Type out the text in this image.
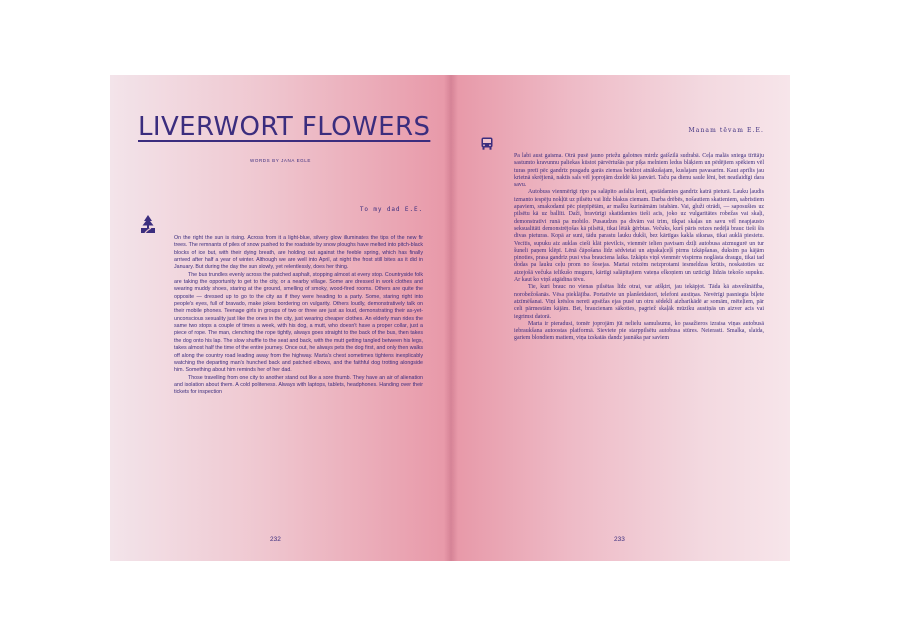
LIVERWORT FLOWERS
WORDS BY JANA EGLE
To my dad E.E.

On the right the sun is rising. Across from it a light-blue, silvery glow illuminates the tips of the new fir trees. The remnants of piles of snow pushed to the roadside by snow ploughs have melted into pitch-black blocks of ice but, with their dying breath, are holding out against the feeble spring, which has finally arrived after half a year of winter. Although we are well into April, at night the frost still bites as it did in January. But during the day the sun slowly, yet relentlessly, does her thing.

The bus trundles evenly across the patched asphalt, stopping almost at every stop. Countryside folk are taking the opportunity to get to the city, or a nearby village. Some are dressed in work clothes and wearing muddy shoes, staring at the ground, smelling of smoky, wood-fired rooms. Others are quite the opposite — dressed up to go to the city as if they were heading to a party. Some, staring right into people's eyes, full of bravado, make jokes bordering on vulgarity. Others loudly, demonstratively talk on their mobile phones. Teenage girls in groups of two or three are just as loud, demonstrating their as-yet-unconscious sexuality just like the ones in the city, just wearing cheaper clothes. An elderly man rides the same two stops a couple of times a week, with his dog, a mutt, who doesn't have a proper collar, just a piece of rope. The man, clenching the rope tightly, always goes straight to the back of the bus, then takes the dog onto his lap. The slow shuffle to the seat and back, with the mutt getting tangled between his legs, takes almost half the time of the entire journey. Once out, he always pets the dog first, and only then walks off along the country road leading away from the highway. Marta's chest sometimes tightens inexplicably watching the departing man's hunched back and patched elbows, and the faithful dog trotting alongside him. Something about him reminds her of her dad.

Those travelling from one city to another stand out like a sore thumb. They have an air of alienation and isolation about them. A cold politeness. Always with laptops, tablets, headphones. Handing over their tickets for inspection

232
Manam tēvam E.E.

Pa labi aust gaisma. Otrā pusē jauno priežu galotnes mirdz gaišzilā sudrabā. Ceļa malās sniega tīrītāju sastumto kravunnu paliekas kūstot pārvērtušās par piķa melniem ledus blāķiem un pēdējiem spēkiem vēl turas pretī pēc gandrīz pusgadu garās ziemas beidzot atnākušajam, kuslajam pavasarim. Kaut aprīlis jau krietnā skrējienā, naktīs sals vēl joprojām dzeldē kā janvārī. Taču pa dienu saule lēni, bet neatlaidīgi dara savu.

Autobuss vienmērīgi ripo pa salāpīto asfalta lenti, apstādamies gandrīz katrā pieturā. Lauku ļaudis izmanto iespēju nokļūt uz pilsētu vai līdz blakus ciemam. Darba drēbēs, nošautiem skatieniem, sabristiem apaviem, smakodami pēc piepīpētām, ar malku kurināmām istabām. Vai, gluži otrādi, — saposušies uz pilsētu kā uz ballīti. Daži, bravūrīgi skatīdamies tieši acīs, joko uz vulgaritātes robežas vai skaļi, demonstratīvi runā pa mobilo. Pusaudzes pa divām vai trim, tikpat skaļas un savu vēl neapjausto seksualitāti demonstrējošas kā pilsētā, tikai lētāk ģērbtas. Večuks, kurš pāris reizes nedēļā brauc tieši šīs divas pieturas. Kopā ar suni, tādu parastu lauku dukši, bez kārtīgas kakla siksnas, tikai auklā piesietu. Vecītis, supuku aiz auklas cieši klāt pievilcis, vienmēr ielien pavisam dziļi autobusa aizmugurē un tur šuneli paņem klēpī. Lēnā čāpošana līdz sēdvietai un atpakaļceļš pirms izkāpšanas, duksim pa kājām pinoties, prasa gandrīz pusi visa brauciena laika. Izkāpis viņš vienmēr vispirms noglāsta draugu, tikai tad dodas pa lauku ceļu prom no šosejas. Martai reizēm neizprotami iesmeldzas krūtis, noskatoties uz aizejošā večuka ielīkušo muguru, kārtīgi salāpītajiem vateņa elkoņiem un uzticīgi līdzās tekošo supuku. Ar kaut ko viņš atgādina tēvu.

Tie, kuri brauc no vienas pilsētas līdz otrai, var atšķirt, jau iekāpjot. Tāda kā atsvešinātība, norobežošanās. Vēsa pieklājība. Portatīvie un planšetdatori, telefoni austiņas. Nevērīgi pasniegta biļete atzīmēšanai. Viņi krēslos nereti apsēžas ejas pusē un otru sēdekli aizbarikādē ar somām, mēteļiem, pār celi pārmestām kājām. Bet, braucienam sākoties, pagriež skaļāk mūziku austiņās un aizver acis vai iegrimst datorā.

Marta ir pieradusi, tomēr joprojām jūt nelielu samulsumu, ko pasažieros izraisa viņas autobusā iebraukšana autoostas platformā. Sieviete pie starppilsētu autobusa stūres. Neierasti. Smalka, slaida, gariem blondiem matiem, viņa izskatās dandz jaunāka par saviem

233
